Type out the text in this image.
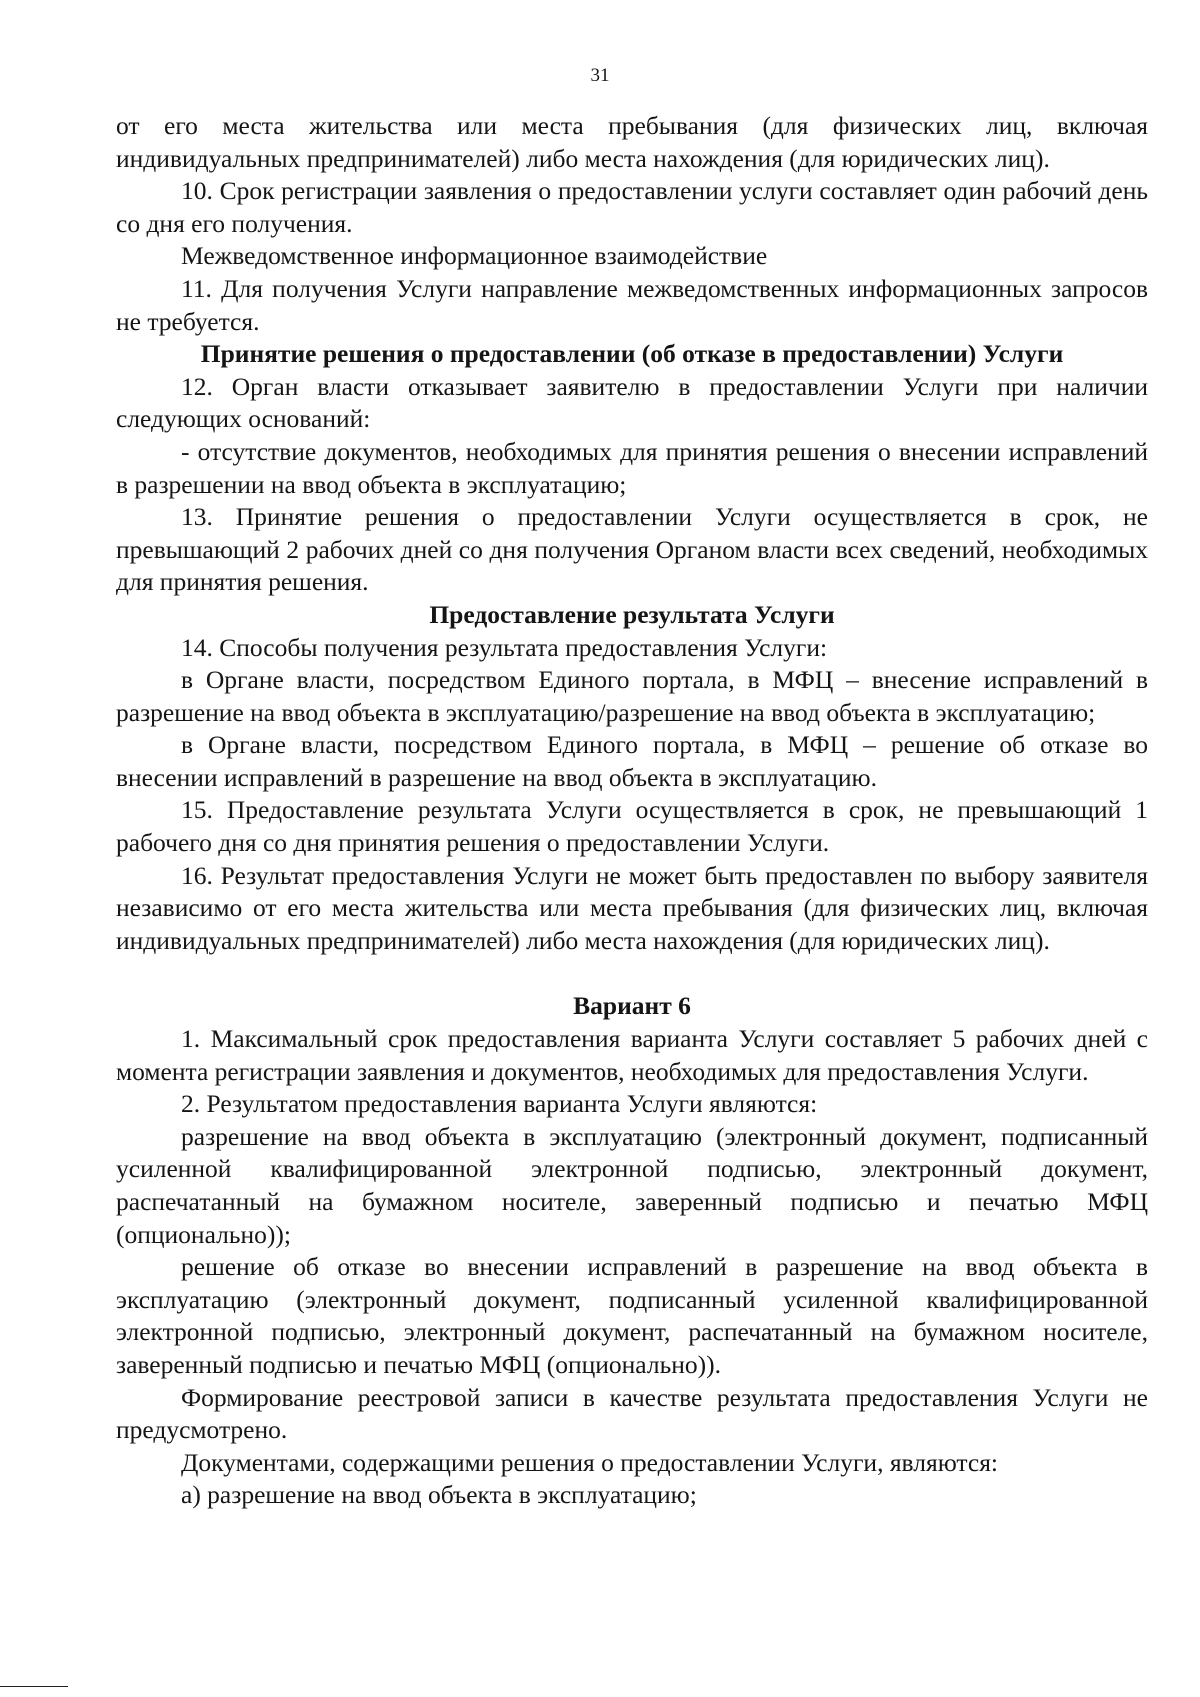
31

от его места жительства или места пребывания (для физических лиц, включая индивидуальных предпринимателей) либо места нахождения (для юридических лиц).

10. Срок регистрации заявления о предоставлении услуги составляет один рабочий день со дня его получения.

Межведомственное информационное взаимодействие

11. Для получения Услуги направление межведомственных информационных запросов не требуется.

Принятие решения о предоставлении (об отказе в предоставлении) Услуги

12. Орган власти отказывает заявителю в предоставлении Услуги при наличии следующих оснований:

- отсутствие документов, необходимых для принятия решения о внесении исправлений в разрешении на ввод объекта в эксплуатацию;

13. Принятие решения о предоставлении Услуги осуществляется в срок, не превышающий 2 рабочих дней со дня получения Органом власти всех сведений, необходимых для принятия решения.

Предоставление результата Услуги

14. Способы получения результата предоставления Услуги:

в Органе власти, посредством Единого портала, в МФЦ – внесение исправлений в разрешение на ввод объекта в эксплуатацию/разрешение на ввод объекта в эксплуатацию;

в Органе власти, посредством Единого портала, в МФЦ – решение об отказе во внесении исправлений в разрешение на ввод объекта в эксплуатацию.

15. Предоставление результата Услуги осуществляется в срок, не превышающий 1 рабочего дня со дня принятия решения о предоставлении Услуги.

16. Результат предоставления Услуги не может быть предоставлен по выбору заявителя независимо от его места жительства или места пребывания (для физических лиц, включая индивидуальных предпринимателей) либо места нахождения (для юридических лиц).

Вариант 6

1. Максимальный срок предоставления варианта Услуги составляет 5 рабочих дней с момента регистрации заявления и документов, необходимых для предоставления Услуги.

2. Результатом предоставления варианта Услуги являются:

разрешение на ввод объекта в эксплуатацию (электронный документ, подписанный усиленной квалифицированной электронной подписью, электронный документ, распечатанный на бумажном носителе, заверенный подписью и печатью МФЦ (опционально));

решение об отказе во внесении исправлений в разрешение на ввод объекта в эксплуатацию (электронный документ, подписанный усиленной квалифицированной электронной подписью, электронный документ, распечатанный на бумажном носителе, заверенный подписью и печатью МФЦ (опционально)).

Формирование реестровой записи в качестве результата предоставления Услуги не предусмотрено.

Документами, содержащими решения о предоставлении Услуги, являются:

а) разрешение на ввод объекта в эксплуатацию;
